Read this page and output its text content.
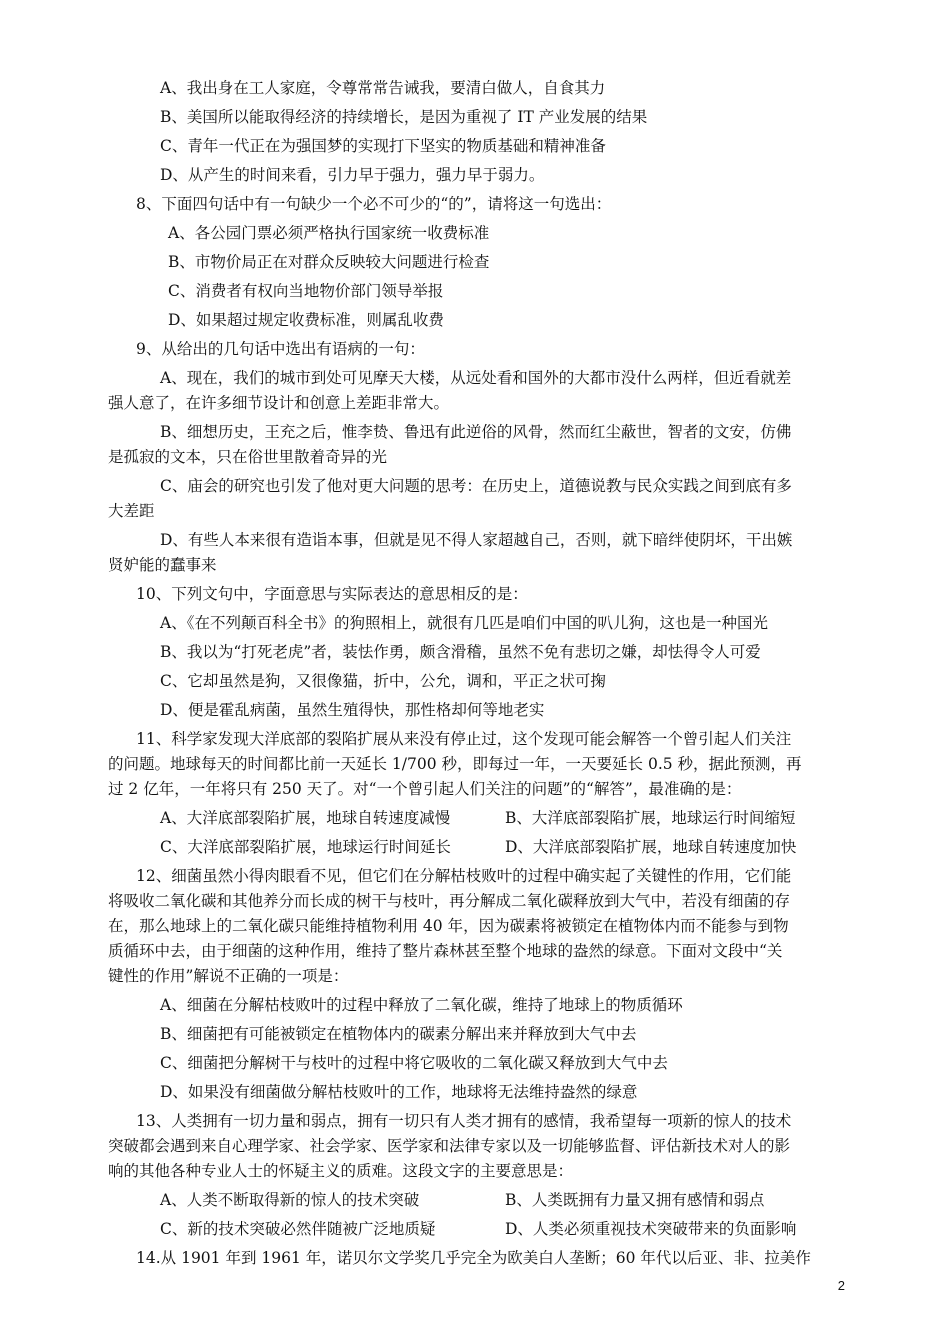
A、我出身在工人家庭，令尊常常告诫我，要清白做人，自食其力
B、美国所以能取得经济的持续增长，是因为重视了 IT 产业发展的结果
C、青年一代正在为强国梦的实现打下坚实的物质基础和精神准备
D、从产生的时间来看，引力早于强力，强力早于弱力。
8、下面四句话中有一句缺少一个必不可少的“的”，请将这一句选出：
A、各公园门票必须严格执行国家统一收费标准
B、市物价局正在对群众反映较大问题进行检查
C、消费者有权向当地物价部门领导举报
D、如果超过规定收费标准，则属乱收费
9、从给出的几句话中选出有语病的一句：
A、现在，我们的城市到处可见摩天大楼，从远处看和国外的大都市没什么两样，但近看就差
强人意了，在许多细节设计和创意上差距非常大。
B、细想历史，王充之后，惟李贽、鲁迅有此逆俗的风骨，然而红尘蔽世，智者的文安，仿佛
是孤寂的文本，只在俗世里散着奇异的光
C、庙会的研究也引发了他对更大问题的思考：在历史上，道德说教与民众实践之间到底有多
大差距
D、有些人本来很有造诣本事，但就是见不得人家超越自己，否则，就下暗绊使阴坏，干出嫉
贤妒能的蠢事来
10、下列文句中，字面意思与实际表达的意思相反的是：
A、《在不列颠百科全书》的狗照相上，就很有几匹是咱们中国的叭儿狗，这也是一种国光
B、我以为“打死老虎”者，装怯作勇，颇含滑稽，虽然不免有悲切之嫌，却怯得令人可爱
C、它却虽然是狗，又很像猫，折中，公允，调和，平正之状可掬
D、便是霍乱病菌，虽然生殖得快，那性格却何等地老实
11、科学家发现大洋底部的裂陷扩展从来没有停止过，这个发现可能会解答一个曾引起人们关注
的问题。地球每天的时间都比前一天延长 1/700 秒，即每过一年，一天要延长 0.5 秒，据此预测，再
过 2 亿年，一年将只有 250 天了。对“一个曾引起人们关注的问题”的“解答”，最准确的是：
A、大洋底部裂陷扩展，地球自转速度减慢	B、大洋底部裂陷扩展，地球运行时间缩短
C、大洋底部裂陷扩展，地球运行时间延长	D、大洋底部裂陷扩展，地球自转速度加快
12、细菌虽然小得肉眼看不见，但它们在分解枯枝败叶的过程中确实起了关键性的作用，它们能
将吸收二氧化碳和其他养分而长成的树干与枝叶，再分解成二氧化碳释放到大气中，若没有细菌的存
在，那么地球上的二氧化碳只能维持植物利用 40 年，因为碳素将被锁定在植物体内而不能参与到物
质循环中去，由于细菌的这种作用，维持了整片森林甚至整个地球的盎然的绿意。下面对文段中“关
键性的作用”解说不正确的一项是：
A、细菌在分解枯枝败叶的过程中释放了二氧化碳，维持了地球上的物质循环
B、细菌把有可能被锁定在植物体内的碳素分解出来并释放到大气中去
C、细菌把分解树干与枝叶的过程中将它吸收的二氧化碳又释放到大气中去
D、如果没有细菌做分解枯枝败叶的工作，地球将无法维持盎然的绿意
13、人类拥有一切力量和弱点，拥有一切只有人类才拥有的感情，我希望每一项新的惊人的技术
突破都会遇到来自心理学家、社会学家、医学家和法律专家以及一切能够监督、评估新技术对人的影
响的其他各种专业人士的怀疑主义的质难。这段文字的主要意思是：
A、人类不断取得新的惊人的技术突破	B、人类既拥有力量又拥有感情和弱点
C、新的技术突破必然伴随被广泛地质疑	D、人类必须重视技术突破带来的负面影响
14.从 1901 年到 1961 年，诺贝尔文学奖几乎完全为欧美白人垄断；60 年代以后亚、非、拉美作
2
